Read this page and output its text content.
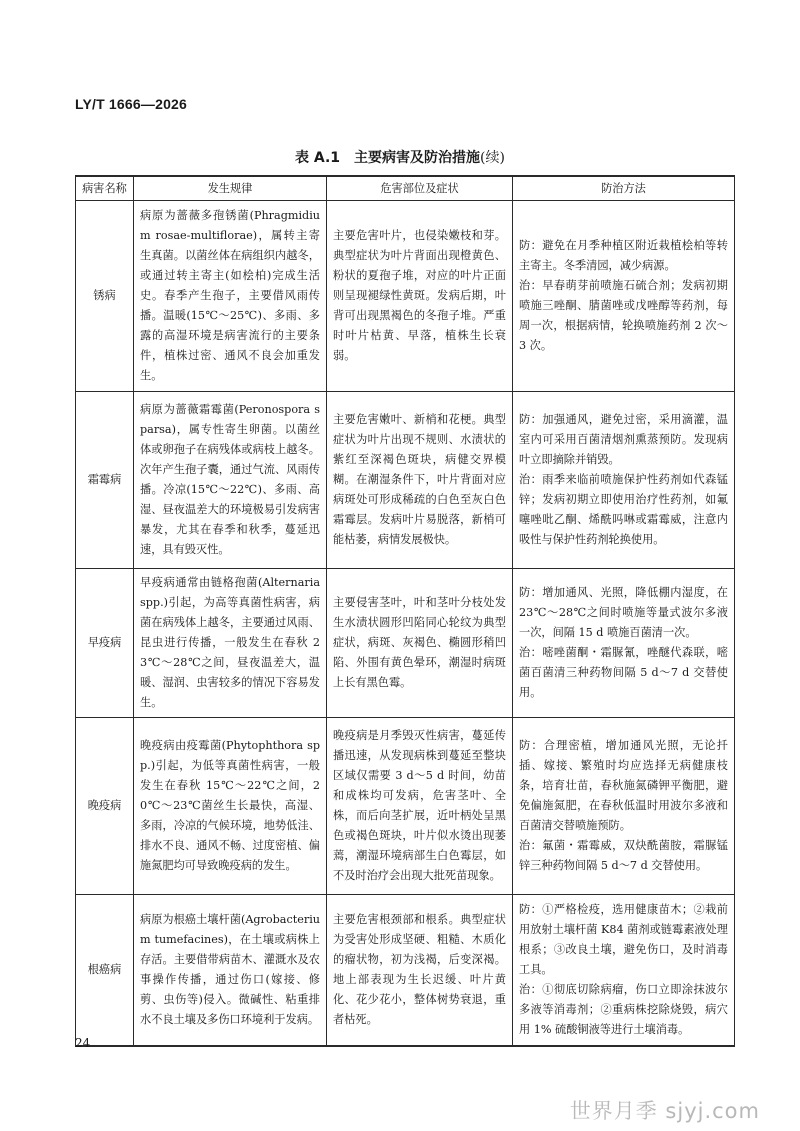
LY/T 1666—2026
表 A.1　主要病害及防治措施(续)
病害名称	发生规律	危害部位及症状	防治方法
锈病	病原为蔷薇多孢锈菌(Phragmidium rosae-multiflorae)，属转主寄生真菌。以菌丝体在病组织内越冬，或通过转主寄主(如桧柏)完成生活史。春季产生孢子，主要借风雨传播。温暖(15℃～25℃)、多雨、多露的高湿环境是病害流行的主要条件，植株过密、通风不良会加重发生。	主要危害叶片，也侵染嫩枝和芽。典型症状为叶片背面出现橙黄色、粉状的夏孢子堆，对应的叶片正面则呈现褪绿性黄斑。发病后期，叶背可出现黑褐色的冬孢子堆。严重时叶片枯黄、早落，植株生长衰弱。	防：避免在月季种植区附近栽植桧柏等转主寄主。冬季清园，减少病源。
治：早春萌芽前喷施石硫合剂；发病初期喷施三唑酮、腈菌唑或戊唑醇等药剂，每周一次，根据病情，轮换喷施药剂 2 次～3 次。

霜霉病	病原为蔷薇霜霉菌(Peronospora sparsa)，属专性寄生卵菌。以菌丝体或卵孢子在病残体或病枝上越冬。次年产生孢子囊，通过气流、风雨传播。冷凉(15℃～22℃)、多雨、高湿、昼夜温差大的环境极易引发病害暴发，尤其在春季和秋季，蔓延迅速，具有毁灭性。	主要危害嫩叶、新梢和花梗。典型症状为叶片出现不规则、水渍状的紫红至深褐色斑块，病健交界模糊。在潮湿条件下，叶片背面对应病斑处可形成稀疏的白色至灰白色霜霉层。发病叶片易脱落，新梢可能枯萎，病情发展极快。	防：加强通风，避免过密，采用滴灌，温室内可采用百菌清烟剂熏蒸预防。发现病叶立即摘除并销毁。
治：雨季来临前喷施保护性药剂如代森锰锌；发病初期立即使用治疗性药剂，如氟噻唑吡乙酮、烯酰吗啉或霜霉威，注意内吸性与保护性药剂轮换使用。

早疫病	早疫病通常由链格孢菌(Alternaria spp.)引起，为高等真菌性病害，病菌在病残体上越冬，主要通过风雨、昆虫进行传播，一般发生在春秋 23℃～28℃之间，昼夜温差大，温暖、湿润、虫害较多的情况下容易发生。	主要侵害茎叶，叶和茎叶分枝处发生水渍状圆形凹陷同心轮纹为典型症状，病斑、灰褐色、椭圆形稍凹陷、外围有黄色晕环，潮湿时病斑上长有黑色霉。	防：增加通风、光照，降低棚内湿度，在 23℃～28℃之间时喷施等量式波尔多液一次，间隔 15 d 喷施百菌清一次。
治：嘧唑菌酮・霜脲氰，唑醚代森联，嘧菌百菌清三种药物间隔 5 d～7 d 交替使用。

晚疫病	晚疫病由疫霉菌(Phytophthora spp.)引起，为低等真菌性病害，一般发生在春秋 15℃～22℃之间，20℃～23℃菌丝生长最快，高湿、多雨，冷凉的气候环境，地势低洼、排水不良、通风不畅、过度密植、偏施氮肥均可导致晚疫病的发生。	晚疫病是月季毁灭性病害，蔓延传播迅速，从发现病株到蔓延至整块区域仅需要 3 d～5 d 时间，幼苗和成株均可发病，危害茎叶、全株，而后向茎扩展，近叶柄处呈黑色或褐色斑块，叶片似水烫出现萎蔫，潮湿环境病部生白色霉层，如不及时治疗会出现大批死苗现象。	防：合理密植，增加通风光照，无论扦插、嫁接、繁殖时均应选择无病健康枝条，培育壮苗，春秋施氮磷钾平衡肥，避免偏施氮肥，在春秋低温时用波尔多液和百菌清交替喷施预防。
治：氟菌・霜霉威，双炔酰菌胺，霜脲锰锌三种药物间隔 5 d～7 d 交替使用。

根癌病	病原为根癌土壤杆菌(Agrobacterium tumefacines)，在土壤或病株上存活。主要借带病苗木、灌溉水及农事操作传播，通过伤口(嫁接、修剪、虫伤等)侵入。微碱性、粘重排水不良土壤及多伤口环境利于发病。	主要危害根颈部和根系。典型症状为受害处形成坚硬、粗糙、木质化的瘤状物，初为浅褐，后变深褐。地上部表现为生长迟缓、叶片黄化、花少花小，整体树势衰退，重者枯死。	防：①严格检疫，选用健康苗木；②栽前用放射土壤杆菌 K84 菌剂或链霉素液处理根系；③改良土壤，避免伤口，及时消毒工具。
治：①彻底切除病瘤，伤口立即涂抹波尔多液等消毒剂；②重病株挖除烧毁，病穴用 1% 硫酸铜液等进行土壤消毒。
24
世界月季 sjyj.com
